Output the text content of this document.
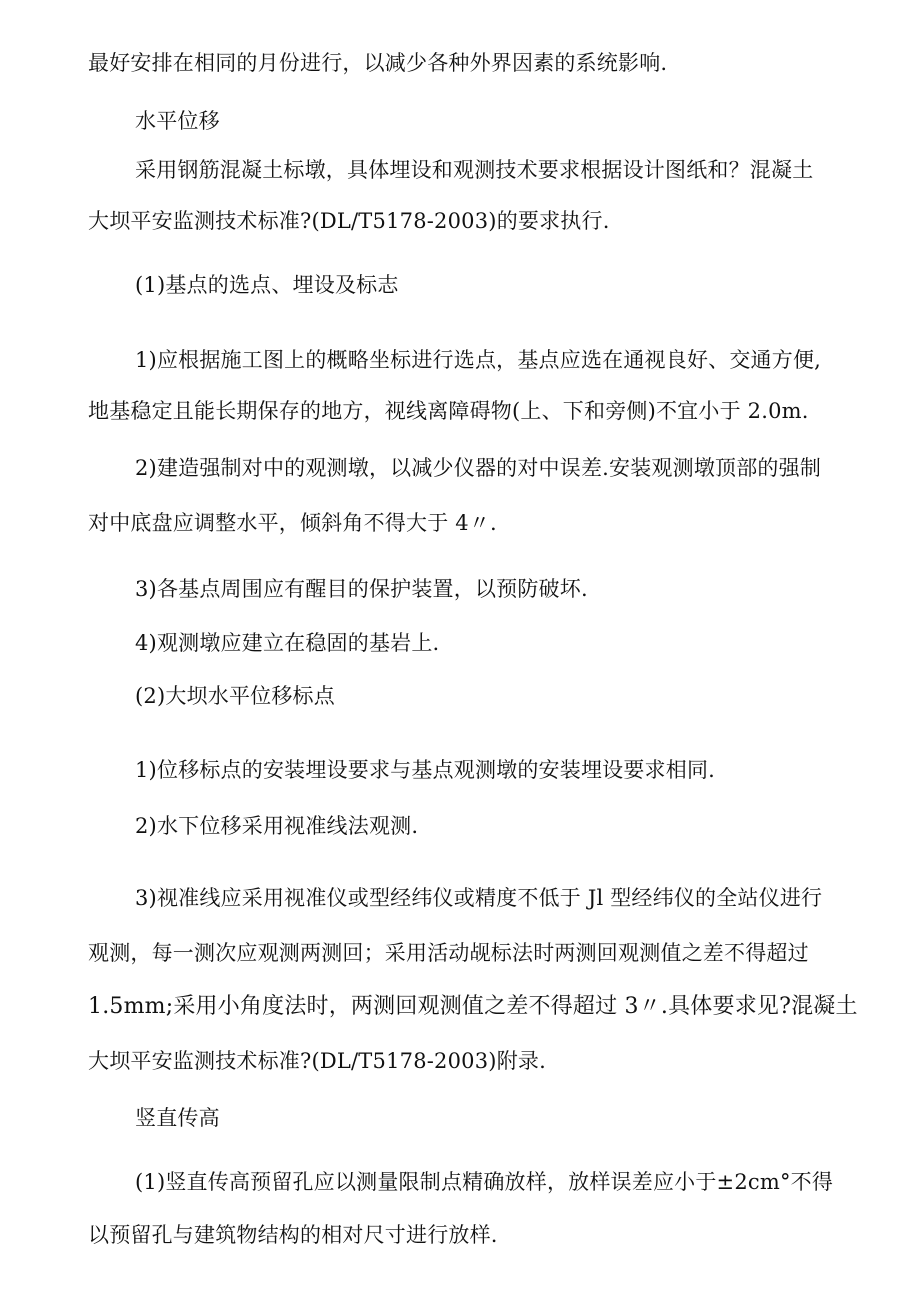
最好安排在相同的月份进行，以减少各种外界因素的系统影响.
水平位移
采用钢筋混凝土标墩，具体埋设和观测技术要求根据设计图纸和？混凝土
大坝平安监测技术标准?(DL/T5178-2003)的要求执行.
(1)基点的选点、埋设及标志
1)应根据施工图上的概略坐标进行选点，基点应选在通视良好、交通方便,
地基稳定且能长期保存的地方，视线离障碍物(上、下和旁侧)不宜小于 2.0m.
2)建造强制对中的观测墩，以减少仪器的对中误差.安装观测墩顶部的强制
对中底盘应调整水平，倾斜角不得大于 4〃.
3)各基点周围应有醒目的保护装置，以预防破坏.
4)观测墩应建立在稳固的基岩上.
(2)大坝水平位移标点
1)位移标点的安装埋设要求与基点观测墩的安装埋设要求相同.
2)水下位移采用视准线法观测.
3)视准线应采用视准仪或型经纬仪或精度不低于 Jl 型经纬仪的全站仪进行
观测，每一测次应观测两测回；采用活动觇标法时两测回观测值之差不得超过
1.5mm;采用小角度法时，两测回观测值之差不得超过 3〃.具体要求见?混凝土
大坝平安监测技术标准?(DL/T5178-2003)附录.
竖直传高
(1)竖直传高预留孔应以测量限制点精确放样，放样误差应小于±2cm°不得
以预留孔与建筑物结构的相对尺寸进行放样.
